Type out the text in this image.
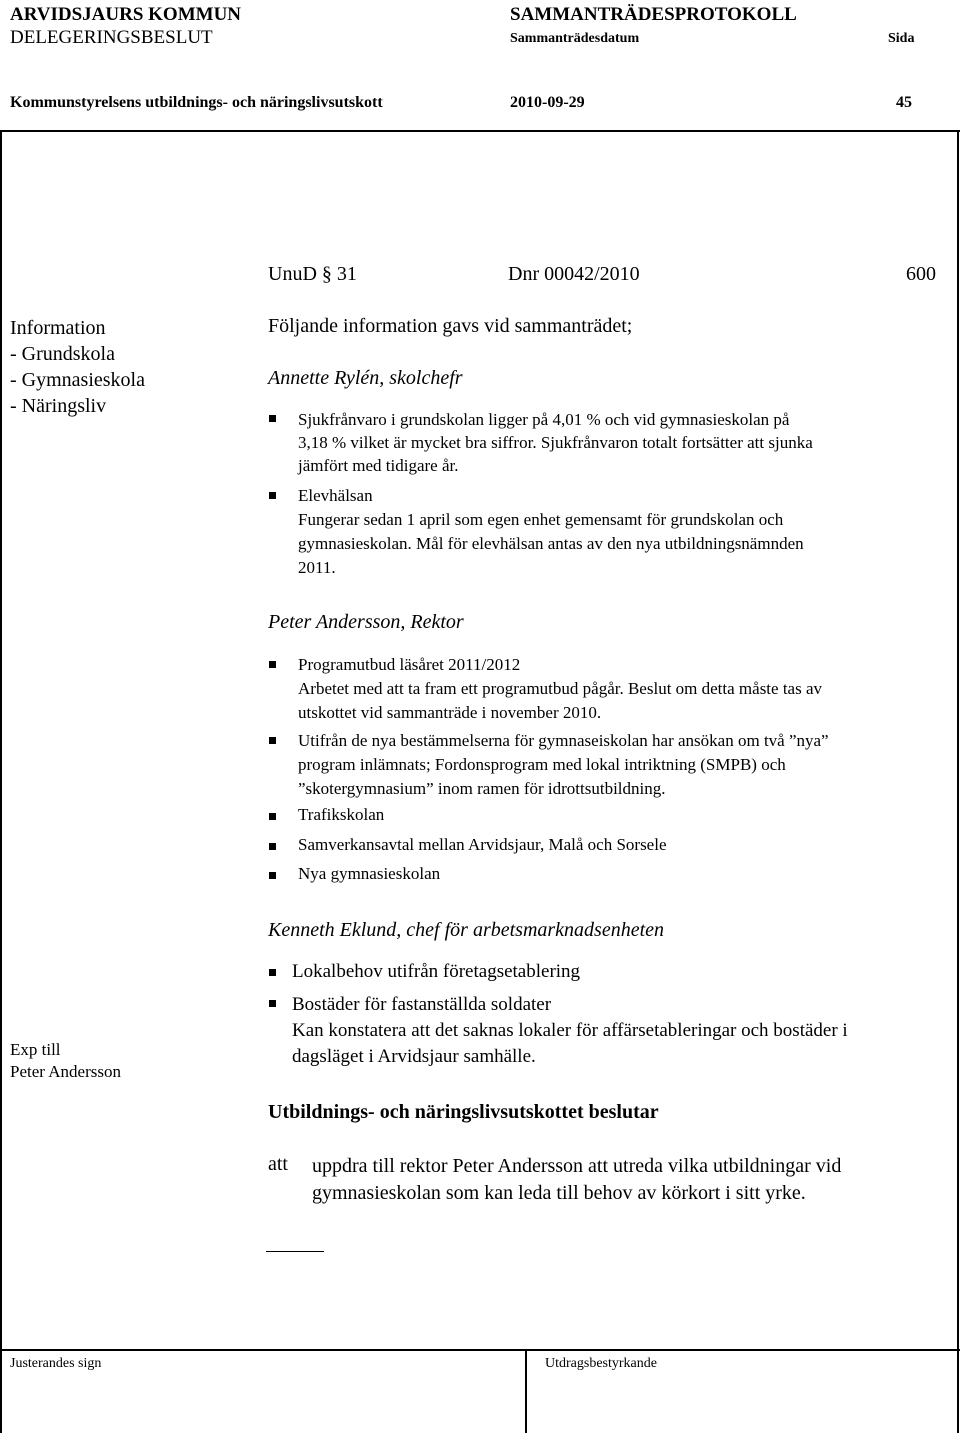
ARVIDSJAURS KOMMUN
DELEGERINGSBESLUT
SAMMANTRÄDESPROTOKOLL
Sammanträdesdatum	Sida
Kommunstyrelsens utbildnings- och näringslivsutskott	2010-09-29	45
UnuD § 31	Dnr 00042/2010	600
Information
- Grundskola
- Gymnasieskola
- Näringsliv
Exp till
Peter Andersson
Följande information gavs vid sammanträdet;
Annette Rylén, skolchefr
Sjukfrånvaro i grundskolan ligger på 4,01 % och vid gymnasieskolan på
3,18 % vilket är mycket bra siffror. Sjukfrånvaron totalt fortsätter att sjunka
jämfört med tidigare år.
Elevhälsan
Fungerar sedan 1 april som egen enhet gemensamt för grundskolan och
gymnasieskolan. Mål för elevhälsan antas av den nya utbildningsnämnden
2011.
Peter Andersson, Rektor
Programutbud läsåret 2011/2012
Arbetet med att ta fram ett programutbud pågår. Beslut om detta måste tas av
utskottet vid sammanträde i november 2010.
Utifrån de nya bestämmelserna för gymnaseiskolan har ansökan om två ”nya”
program inlämnats; Fordonsprogram med lokal intriktning (SMPB) och
”skotergymnasium” inom ramen för idrottsutbildning.
Trafikskolan
Samverkansavtal mellan Arvidsjaur, Malå och Sorsele
Nya gymnasieskolan
Kenneth Eklund, chef för arbetsmarknadsenheten
Lokalbehov utifrån företagsetablering
Bostäder för fastanställda soldater
Kan konstatera att det saknas lokaler för affärsetableringar och bostäder i
dagsläget i Arvidsjaur samhälle.
Utbildnings- och näringslivsutskottet beslutar
att uppdra till rektor Peter Andersson att utreda vilka utbildningar vid
gymnasieskolan som kan leda till behov av körkort i sitt yrke.
Justerandes sign	Utdragsbestyrkande
